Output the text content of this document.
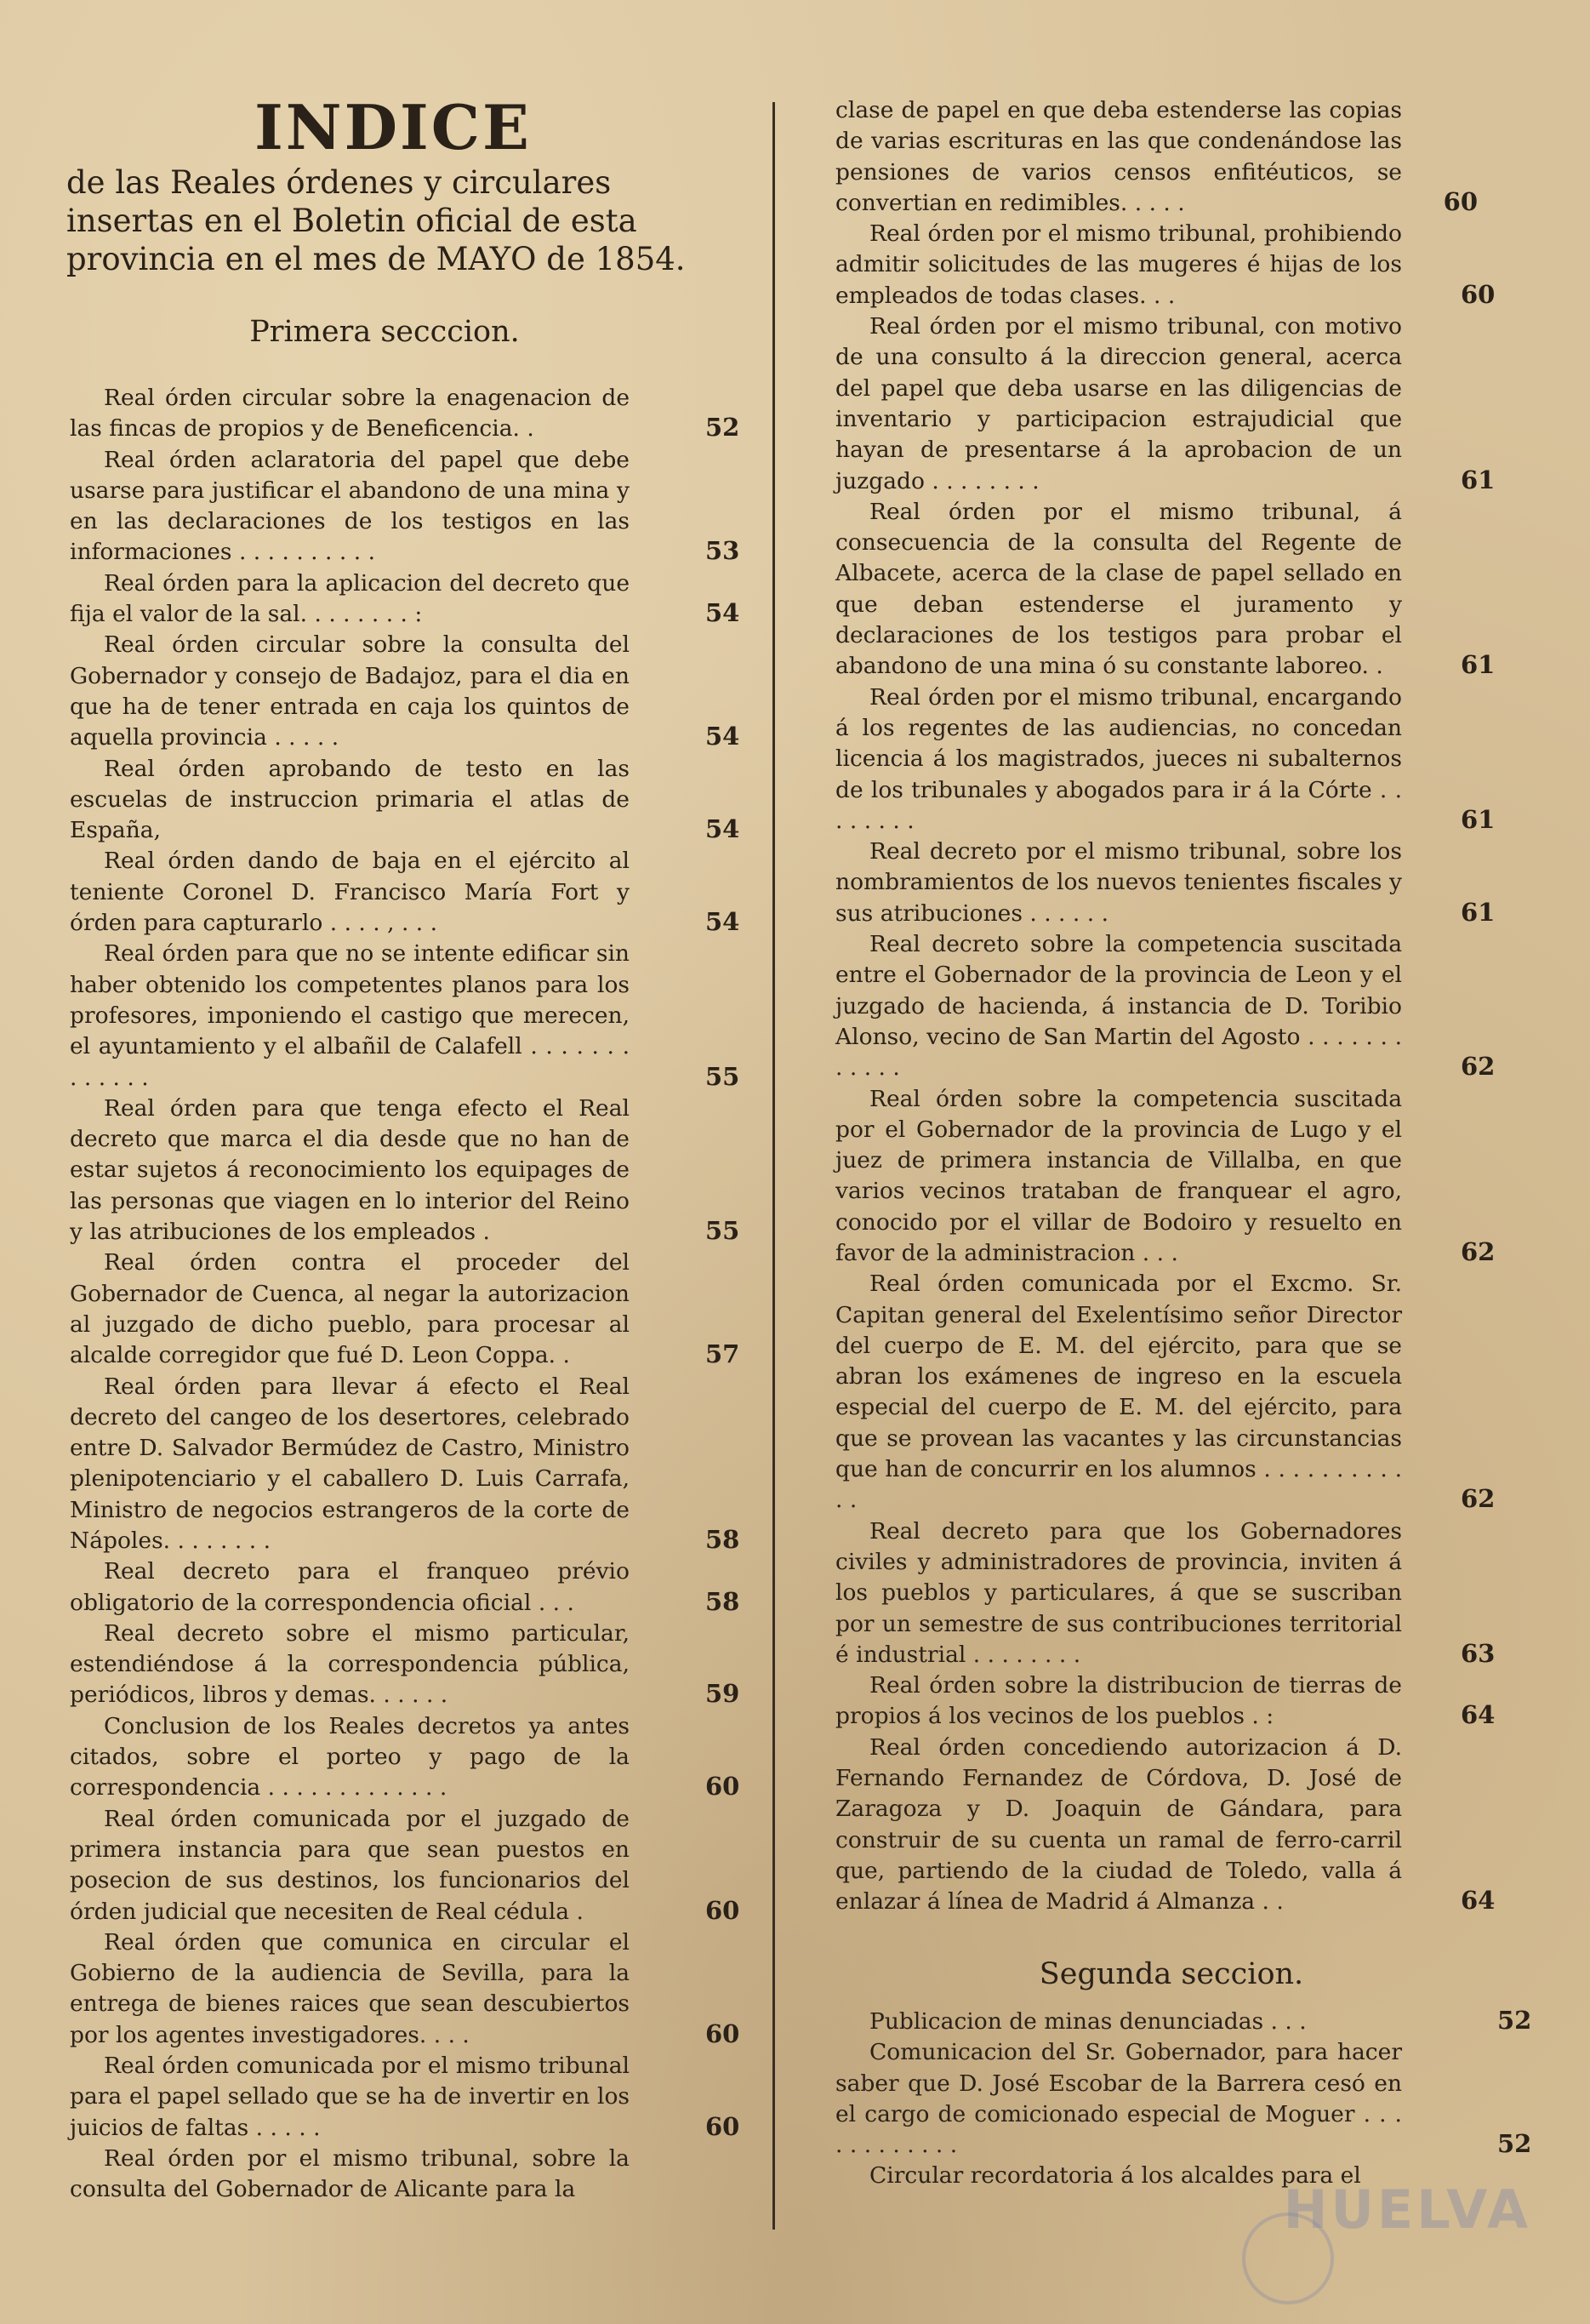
INDICE
de las Reales órdenes y circulares insertas en el Boletin oficial de esta provincia en el mes de MAYO de 1854.
Primera secccion.

Real órden circular sobre la enagenacion de las fincas de propios y de Beneficencia. .	52

Real órden aclaratoria del papel que debe usarse para justificar el abandono de una mina y en las declaraciones de los testigos en las informaciones . . . . . . . . . .	53

Real órden para la aplicacion del decreto que fija el valor de la sal. . . . . . . . :	54

Real órden circular sobre la consulta del Gobernador y consejo de Badajoz, para el dia en que ha de tener entrada en caja los quintos de aquella provincia . . . . .	54

Real órden aprobando de testo en las escuelas de instruccion primaria el atlas de España,	54

Real órden dando de baja en el ejército al teniente Coronel D. Francisco María Fort y órden para capturarlo . . . . , . . .	54

Real órden para que no se intente edificar sin haber obtenido los competentes planos para los profesores, imponiendo el castigo que merecen, el ayuntamiento y el albañil de Calafell . . . . . . . . . . . . .	55

Real órden para que tenga efecto el Real decreto que marca el dia desde que no han de estar sujetos á reconocimiento los equipages de las personas que viagen en lo interior del Reino y las atribuciones de los empleados .	55

Real órden contra el proceder del Gobernador de Cuenca, al negar la autorizacion al juzgado de dicho pueblo, para procesar al alcalde corregidor que fué D. Leon Coppa. .	57

Real órden para llevar á efecto el Real decreto del cangeo de los desertores, celebrado entre D. Salvador Bermúdez de Castro, Ministro plenipotenciario y el caballero D. Luis Carrafa, Ministro de negocios estrangeros de la corte de Nápoles. . . . . . . .	58

Real decreto para el franqueo prévio obligatorio de la correspondencia oficial . . .	58

Real decreto sobre el mismo particular, estendiéndose á la correspondencia pública, periódicos, libros y demas. . . . . .	59

Conclusion de los Reales decretos ya antes citados, sobre el porteo y pago de la correspondencia . . . . . . . . . . . . .	60

Real órden comunicada por el juzgado de primera instancia para que sean puestos en posecion de sus destinos, los funcionarios del órden judicial que necesiten de Real cédula .	60

Real órden que comunica en circular el Gobierno de la audiencia de Sevilla, para la entrega de bienes raices que sean descubiertos por los agentes investigadores. . . .	60

Real órden comunicada por el mismo tribunal para el papel sellado que se ha de invertir en los juicios de faltas . . . . .	60

Real órden por el mismo tribunal, sobre la consulta del Gobernador de Alicante para la

clase de papel en que deba estenderse las copias de varias escrituras en las que condenándose las pensiones de varios censos enfitéuticos, se convertian en redimibles. . . . .	60

Real órden por el mismo tribunal, prohibiendo admitir solicitudes de las mugeres é hijas de los empleados de todas clases. . .	60

Real órden por el mismo tribunal, con motivo de una consulto á la direccion general, acerca del papel que deba usarse en las diligencias de inventario y participacion estrajudicial que hayan de presentarse á la aprobacion de un juzgado . . . . . . . .	61

Real órden por el mismo tribunal, á consecuencia de la consulta del Regente de Albacete, acerca de la clase de papel sellado en que deban estenderse el juramento y declaraciones de los testigos para probar el abandono de una mina ó su constante laboreo. .	61

Real órden por el mismo tribunal, encargando á los regentes de las audiencias, no concedan licencia á los magistrados, jueces ni subalternos de los tribunales y abogados para ir á la Córte . . . . . . . .	61

Real decreto por el mismo tribunal, sobre los nombramientos de los nuevos tenientes fiscales y sus atribuciones . . . . . .	61

Real decreto sobre la competencia suscitada entre el Gobernador de la provincia de Leon y el juzgado de hacienda, á instancia de D. Toribio Alonso, vecino de San Martin del Agosto . . . . . . . . . . . .	62

Real órden sobre la competencia suscitada por el Gobernador de la provincia de Lugo y el juez de primera instancia de Villalba, en que varios vecinos trataban de franquear el agro, conocido por el villar de Bodoiro y resuelto en favor de la administracion . . .	62

Real órden comunicada por el Excmo. Sr. Capitan general del Exelentísimo señor Director del cuerpo de E. M. del ejército, para que se abran los exámenes de ingreso en la escuela especial del cuerpo de E. M. del ejército, para que se provean las vacantes y las circunstancias que han de concurrir en los alumnos . . . . . . . . . . . .	62

Real decreto para que los Gobernadores civiles y administradores de provincia, inviten á los pueblos y particulares, á que se suscriban por un semestre de sus contribuciones territorial é industrial . . . . . . . .	63

Real órden sobre la distribucion de tierras de propios á los vecinos de los pueblos . :	64

Real órden concediendo autorizacion á D. Fernando Fernandez de Córdova, D. José de Zaragoza y D. Joaquin de Gándara, para construir de su cuenta un ramal de ferro-carril que, partiendo de la ciudad de Toledo, valla á enlazar á línea de Madrid á Almanza . .	64

Segunda seccion.

Publicacion de minas denunciadas . . .	52

Comunicacion del Sr. Gobernador, para hacer saber que D. José Escobar de la Barrera cesó en el cargo de comicionado especial de Moguer . . . . . . . . . . . .	52

Circular recordatoria á los alcaldes para el

HUELVA
